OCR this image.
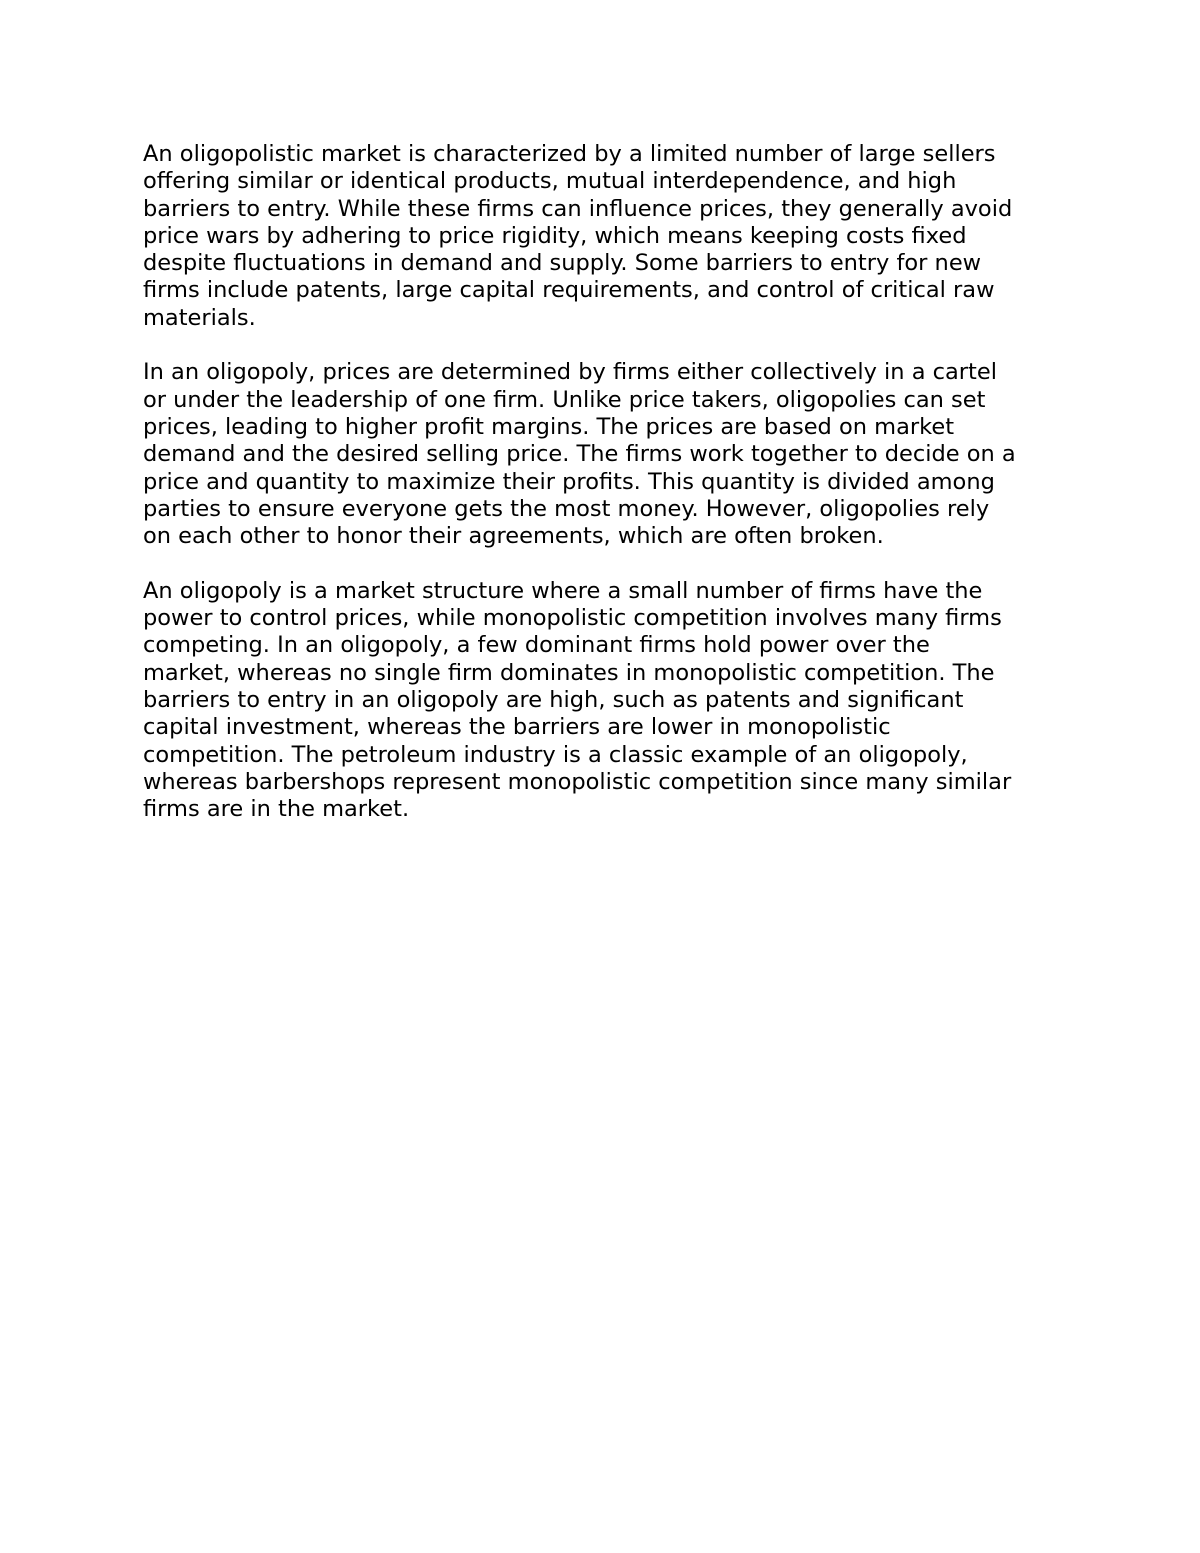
An oligopolistic market is characterized by a limited number of large sellers
offering similar or identical products, mutual interdependence, and high
barriers to entry. While these firms can influence prices, they generally avoid
price wars by adhering to price rigidity, which means keeping costs fixed
despite fluctuations in demand and supply. Some barriers to entry for new
firms include patents, large capital requirements, and control of critical raw
materials.

In an oligopoly, prices are determined by firms either collectively in a cartel
or under the leadership of one firm. Unlike price takers, oligopolies can set
prices, leading to higher profit margins. The prices are based on market
demand and the desired selling price. The firms work together to decide on a
price and quantity to maximize their profits. This quantity is divided among
parties to ensure everyone gets the most money. However, oligopolies rely
on each other to honor their agreements, which are often broken.

An oligopoly is a market structure where a small number of firms have the
power to control prices, while monopolistic competition involves many firms
competing. In an oligopoly, a few dominant firms hold power over the
market, whereas no single firm dominates in monopolistic competition. The
barriers to entry in an oligopoly are high, such as patents and significant
capital investment, whereas the barriers are lower in monopolistic
competition. The petroleum industry is a classic example of an oligopoly,
whereas barbershops represent monopolistic competition since many similar
firms are in the market.
